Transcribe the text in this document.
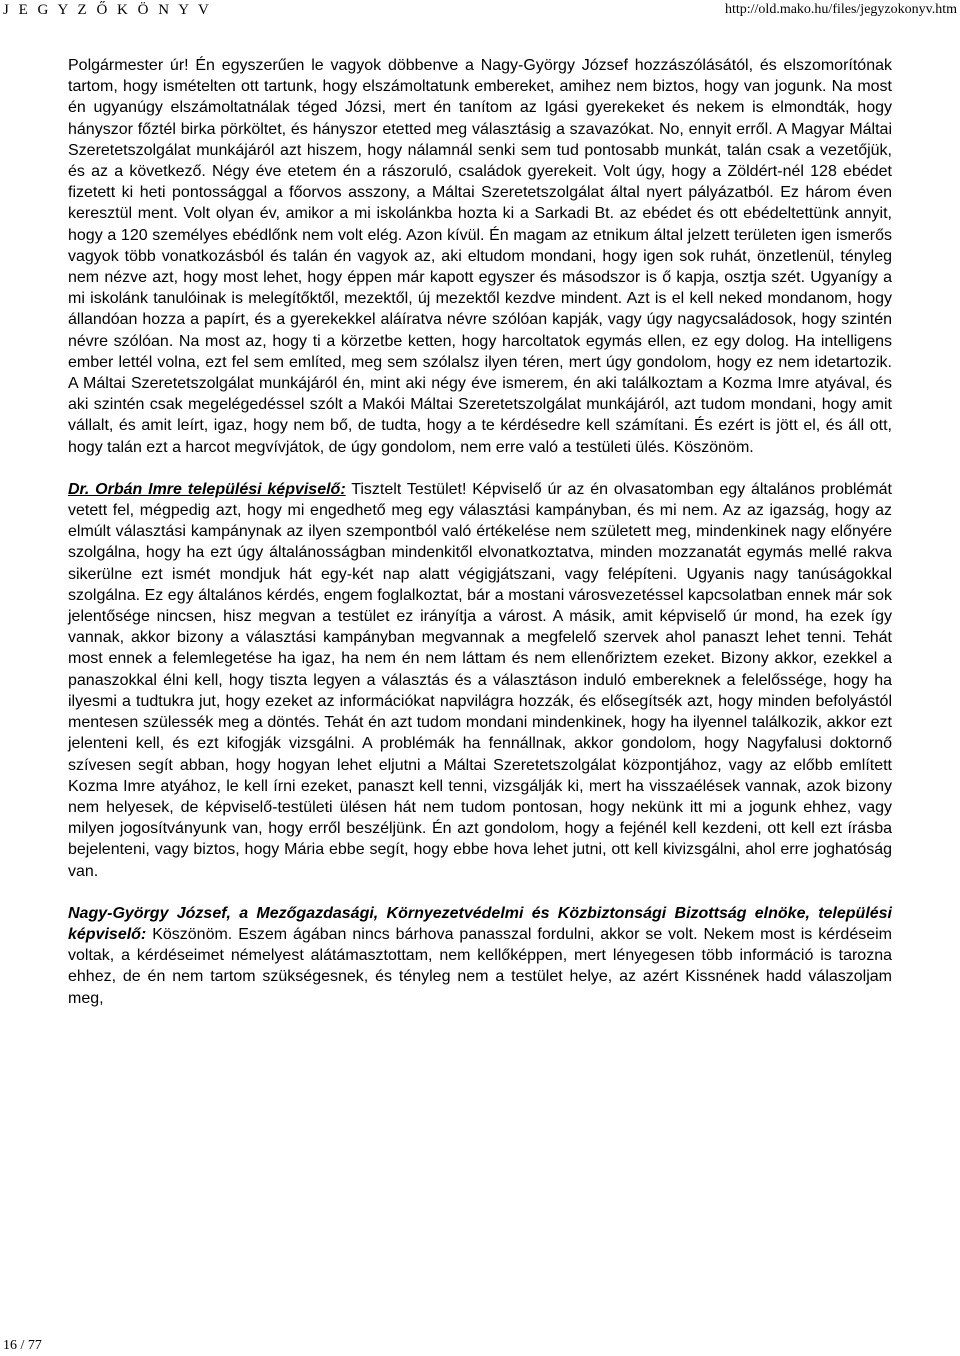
J E G Y Z Ő K Ö N Y V	http://old.mako.hu/files/jegyzokonyv.htm

Polgármester úr! Én egyszerűen le vagyok döbbenve a Nagy-György József hozzászólásától, és elszomorítónak tartom, hogy ismételten ott tartunk, hogy elszámoltatunk embereket, amihez nem biztos, hogy van jogunk. Na most én ugyanúgy elszámoltatnálak téged Józsi, mert én tanítom az Igási gyerekeket és nekem is elmondták, hogy hányszor főztél birka pörköltet, és hányszor etetted meg választásig a szavazókat. No, ennyit erről. A Magyar Máltai Szeretetszolgálat munkájáról azt hiszem, hogy nálamnál senki sem tud pontosabb munkát, talán csak a vezetőjük, és az a következő. Négy éve etetem én a rászoruló, családok gyerekeit. Volt úgy, hogy a Zöldért-nél 128 ebédet fizetett ki heti pontossággal a főorvos asszony, a Máltai Szeretetszolgálat által nyert pályázatból. Ez három éven keresztül ment. Volt olyan év, amikor a mi iskolánkba hozta ki a Sarkadi Bt. az ebédet és ott ebédeltettünk annyit, hogy a 120 személyes ebédlőnk nem volt elég. Azon kívül. Én magam az etnikum által jelzett területen igen ismerős vagyok több vonatkozásból és talán én vagyok az, aki eltudom mondani, hogy igen sok ruhát, önzetlenül, tényleg nem nézve azt, hogy most lehet, hogy éppen már kapott egyszer és másodszor is ő kapja, osztja szét. Ugyanígy a mi iskolánk tanulóinak is melegítőktől, mezektől, új mezektől kezdve mindent. Azt is el kell neked mondanom, hogy állandóan hozza a papírt, és a gyerekekkel aláíratva névre szólóan kapják, vagy úgy nagycsaládosok, hogy szintén névre szólóan. Na most az, hogy ti a körzetbe ketten, hogy harcoltatok egymás ellen, ez egy dolog. Ha intelligens ember lettél volna, ezt fel sem említed, meg sem szólalsz ilyen téren, mert úgy gondolom, hogy ez nem idetartozik. A Máltai Szeretetszolgálat munkájáról én, mint aki négy éve ismerem, én aki találkoztam a Kozma Imre atyával, és aki szintén csak megelégedéssel szólt a Makói Máltai Szeretetszolgálat munkájáról, azt tudom mondani, hogy amit vállalt, és amit leírt, igaz, hogy nem bő, de tudta, hogy a te kérdésedre kell számítani. És ezért is jött el, és áll ott, hogy talán ezt a harcot megvívjátok, de úgy gondolom, nem erre való a testületi ülés. Köszönöm.

Dr. Orbán Imre települési képviselő: Tisztelt Testület! Képviselő úr az én olvasatomban egy általános problémát vetett fel, mégpedig azt, hogy mi engedhető meg egy választási kampányban, és mi nem. Az az igazság, hogy az elmúlt választási kampánynak az ilyen szempontból való értékelése nem született meg, mindenkinek nagy előnyére szolgálna, hogy ha ezt úgy általánosságban mindenkitől elvonatkoztatva, minden mozzanatát egymás mellé rakva sikerülne ezt ismét mondjuk hát egy-két nap alatt végigjátszani, vagy felépíteni. Ugyanis nagy tanúságokkal szolgálna. Ez egy általános kérdés, engem foglalkoztat, bár a mostani városvezetéssel kapcsolatban ennek már sok jelentősége nincsen, hisz megvan a testület ez irányítja a várost. A másik, amit képviselő úr mond, ha ezek így vannak, akkor bizony a választási kampányban megvannak a megfelelő szervek ahol panaszt lehet tenni. Tehát most ennek a felemlegetése ha igaz, ha nem én nem láttam és nem ellenőriztem ezeket. Bizony akkor, ezekkel a panaszokkal élni kell, hogy tiszta legyen a választás és a választáson induló embereknek a felelőssége, hogy ha ilyesmi a tudtukra jut, hogy ezeket az információkat napvilágra hozzák, és elősegítsék azt, hogy minden befolyástól mentesen szülessék meg a döntés. Tehát én azt tudom mondani mindenkinek, hogy ha ilyennel találkozik, akkor ezt jelenteni kell, és ezt kifogják vizsgálni. A problémák ha fennállnak, akkor gondolom, hogy Nagyfalusi doktornő szívesen segít abban, hogy hogyan lehet eljutni a Máltai Szeretetszolgálat központjához, vagy az előbb említett Kozma Imre atyához, le kell írni ezeket, panaszt kell tenni, vizsgálják ki, mert ha visszaélések vannak, azok bizony nem helyesek, de képviselő-testületi ülésen hát nem tudom pontosan, hogy nekünk itt mi a jogunk ehhez, vagy milyen jogosítványunk van, hogy erről beszéljünk. Én azt gondolom, hogy a fejénél kell kezdeni, ott kell ezt írásba bejelenteni, vagy biztos, hogy Mária ebbe segít, hogy ebbe hova lehet jutni, ott kell kivizsgálni, ahol erre joghatóság van.

Nagy-György József, a Mezőgazdasági, Környezetvédelmi és Közbiztonsági Bizottság elnöke, települési képviselő: Köszönöm. Eszem ágában nincs bárhova panasszal fordulni, akkor se volt. Nekem most is kérdéseim voltak, a kérdéseimet némelyest alátámasztottam, nem kellőképpen, mert lényegesen több információ is tarozna ehhez, de én nem tartom szükségesnek, és tényleg nem a testület helye, az azért Kissnének hadd válaszoljam meg,

16 / 77
